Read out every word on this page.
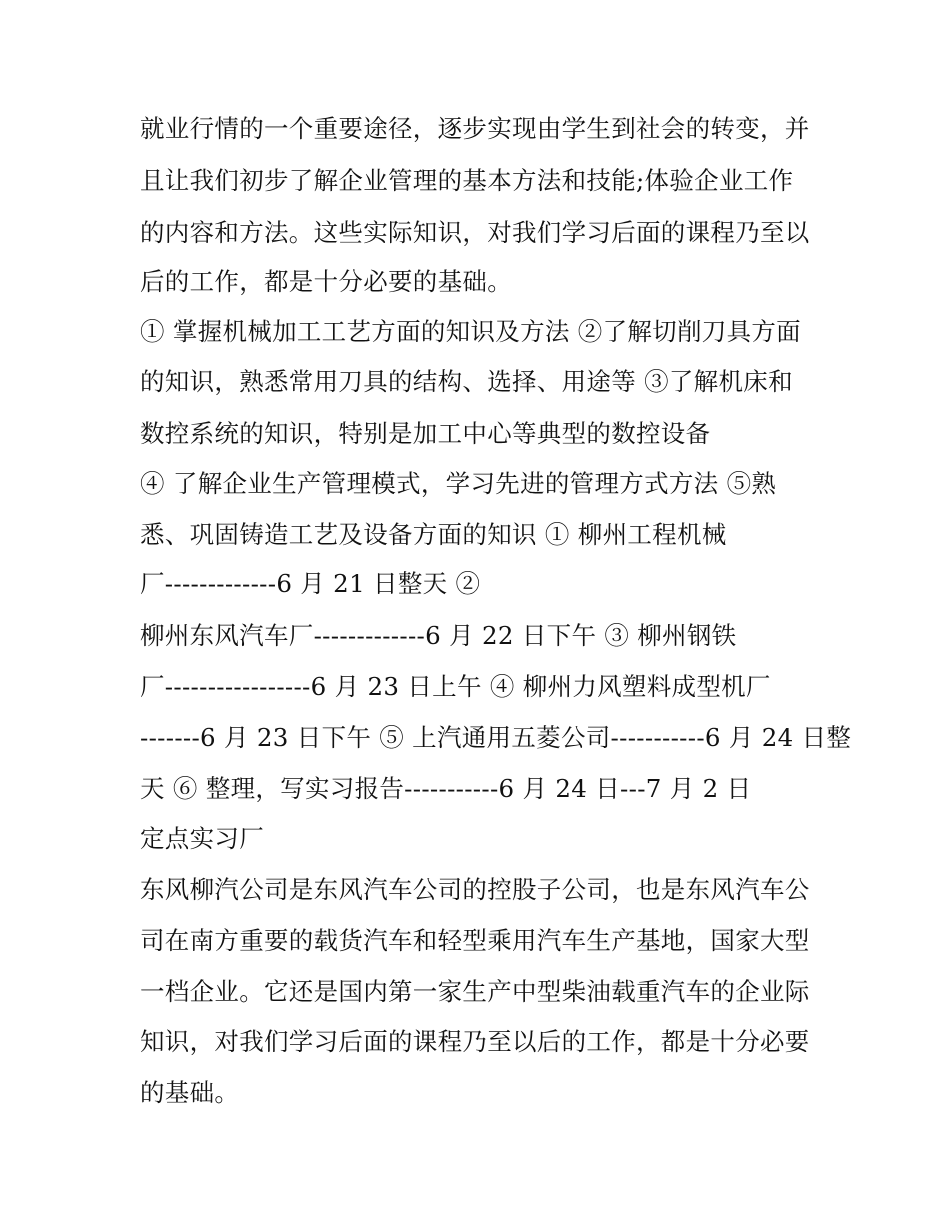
就业行情的一个重要途径，逐步实现由学生到社会的转变，并
且让我们初步了解企业管理的基本方法和技能;体验企业工作
的内容和方法。这些实际知识，对我们学习后面的课程乃至以
后的工作，都是十分必要的基础。
① 掌握机械加工工艺方面的知识及方法 ②了解切削刀具方面
的知识，熟悉常用刀具的结构、选择、用途等 ③了解机床和
数控系统的知识，特别是加工中心等典型的数控设备
④ 了解企业生产管理模式，学习先进的管理方式方法 ⑤熟
悉、巩固铸造工艺及设备方面的知识 ① 柳州工程机械
厂-------------6 月 21 日整天 ②
柳州东风汽车厂-------------6 月 22 日下午 ③ 柳州钢铁
厂-----------------6 月 23 日上午 ④ 柳州力风塑料成型机厂
-------6 月 23 日下午 ⑤ 上汽通用五菱公司-----------6 月 24 日整
天 ⑥ 整理，写实习报告-----------6 月 24 日---7 月 2 日
定点实习厂
东风柳汽公司是东风汽车公司的控股子公司，也是东风汽车公
司在南方重要的载货汽车和轻型乘用汽车生产基地，国家大型
一档企业。它还是国内第一家生产中型柴油载重汽车的企业际
知识，对我们学习后面的课程乃至以后的工作，都是十分必要
的基础。
